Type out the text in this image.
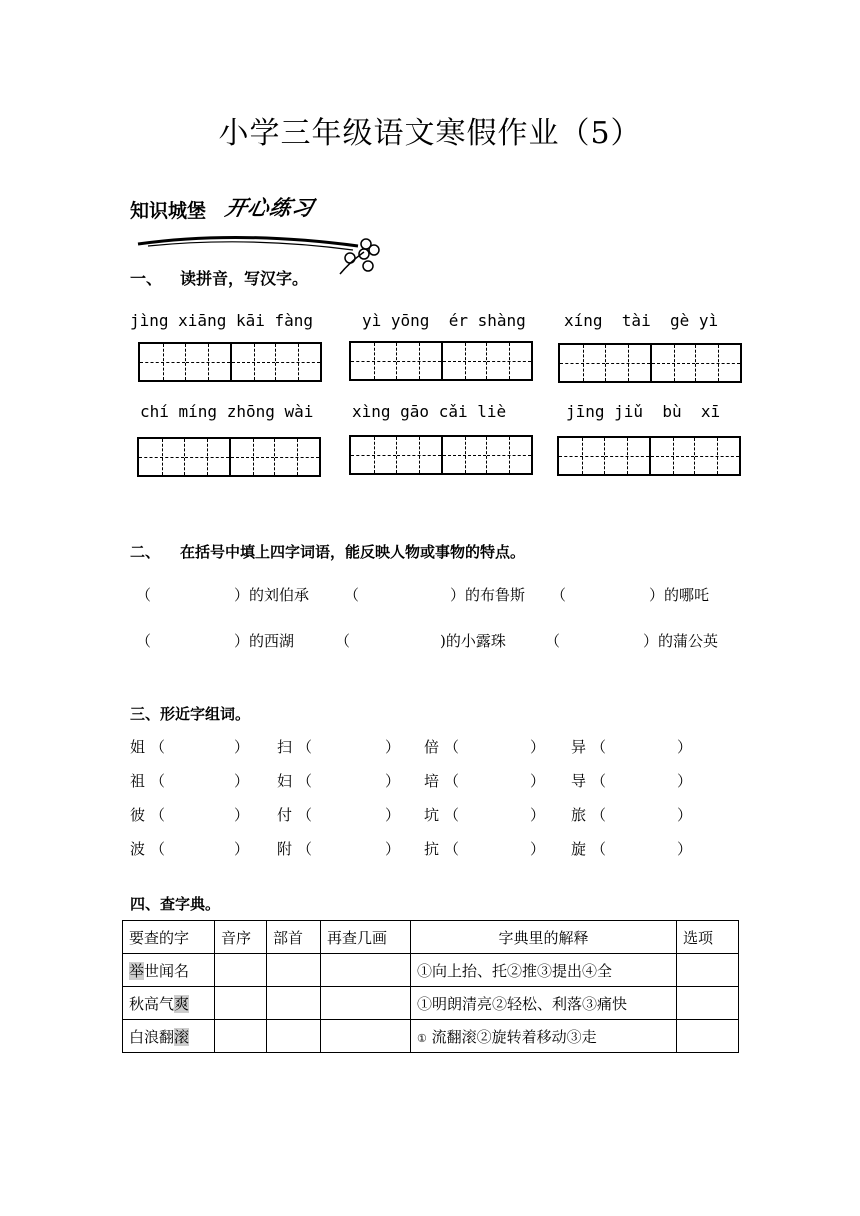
小学三年级语文寒假作业（5）
知识城堡 开心练习
一、 读拼音，写汉字。
jìng xiāng kāi fàng	yì yōng  ér shàng xíng  tài  gè yì
chí míng zhōng wài xìng gāo cǎi liè	jīng jiǔ  bù  xī
二、 在括号中填上四字词语，能反映人物或事物的特点。
（	）的刘伯承 （	）的布鲁斯 （	）的哪吒
（	）的西湖	（	)的小露珠	（	）的蒲公英
三、形近字组词。
姐 （	） 扫 （	） 倍 （	） 异 （	）
祖 （	） 妇 （	） 培 （	） 导 （	）
彼 （	） 付 （	） 坑 （	） 旅 （	）
波 （	） 附 （	） 抗 （	） 旋 （	）
四、查字典。
要查的字	音序	部首	再查几画	字典里的解释	选项
举世闻名				①向上抬、托②推③提出④全	
秋高气爽				①明朗清亮②轻松、利落③痛快	
白浪翻滚				① 流翻滚②旋转着移动③走	
